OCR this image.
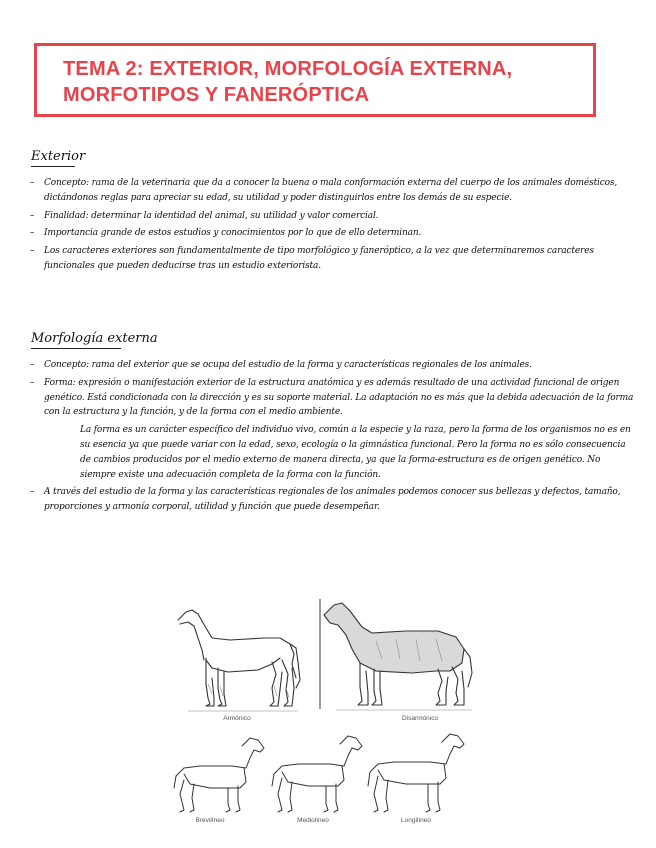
TEMA 2: EXTERIOR, MORFOLOGÍA EXTERNA,
MORFOTIPOS Y FANERÓPTICA
Exterior
–	Concepto: rama de la veterinaria que da a conocer la buena o mala conformación externa del cuerpo de los animales domésticos, dictándonos reglas para apreciar su edad, su utilidad y poder distinguirlos entre los demás de su especie.
–	Finalidad: determinar la identidad del animal, su utilidad y valor comercial.
–	Importancia grande de estos estudios y conocimientos por lo que de ello determinan.
–	Los caracteres exteriores son fundamentalmente de tipo morfológico y faneróptico, a la vez que determinaremos caracteres funcionales que pueden deducirse tras un estudio exteriorista.
Morfología externa
–	Concepto: rama del exterior que se ocupa del estudio de la forma y características regionales de los animales.
–	Forma: expresión o manifestación exterior de la estructura anatómica y es además resultado de una actividad funcional de origen genético. Está condicionada con la dirección y es su soporte material. La adaptación no es más que la debida adecuación de la forma con la estructura y la función, y de la forma con el medio ambiente.
La forma es un carácter específico del individuo vivo, común a la especie y la raza, pero la forma de los organismos no es en su esencia ya que puede variar con la edad, sexo, ecología o la gimnástica funcional. Pero la forma no es sólo consecuencia de cambios producidos por el medio externo de manera directa, ya que la forma-estructura es de origen genético. No siempre existe una adecuación completa de la forma con la función.
–	A través del estudio de la forma y las características regionales de los animales podemos conocer sus bellezas y defectos, tamaño, proporciones y armonía corporal, utilidad y función que puede desempeñar.
Armónico	Disarmónico
Brevilíneo	Mediolíneo	Longilíneo
